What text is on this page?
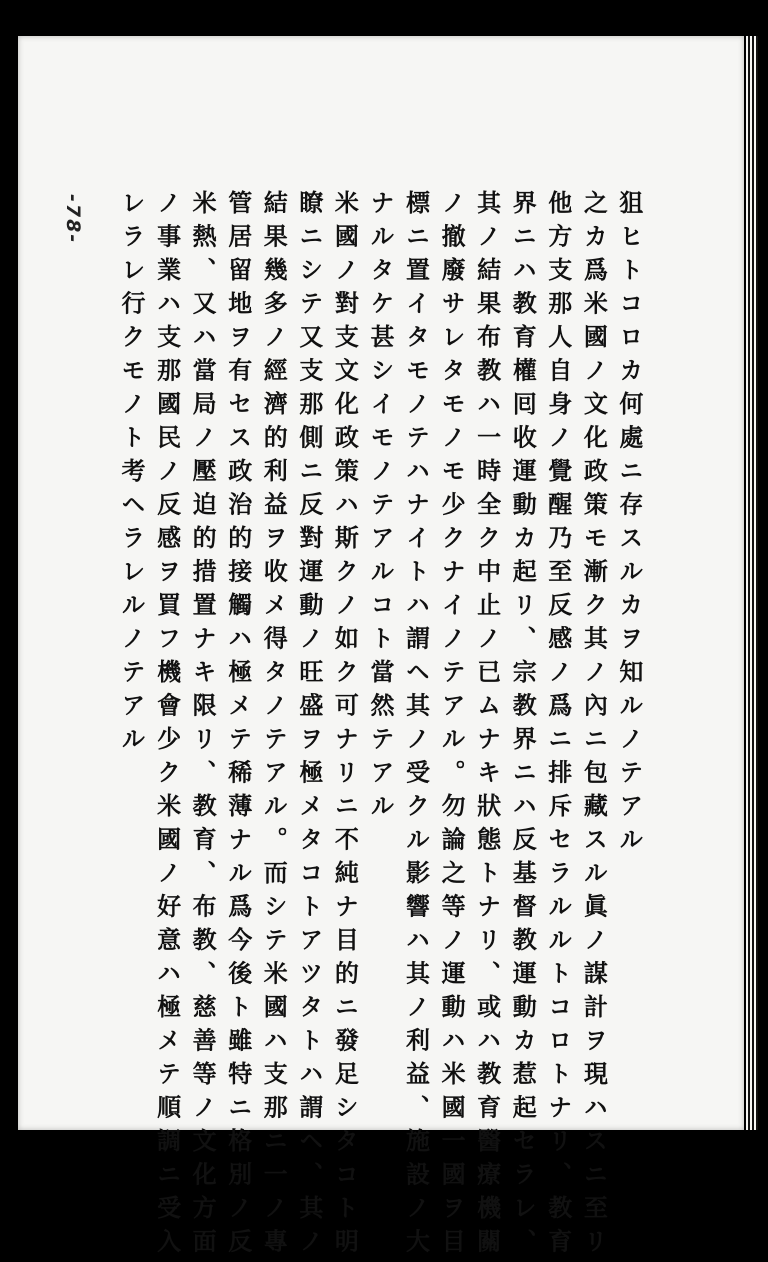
-78-	狙ヒトコロカ何處ニ存スルカヲ知ルノテアル
之カ爲米國ノ文化政策モ漸ク其ノ內ニ包藏スル眞ノ謀計ヲ現ハスニ至リ
他方支那人自身ノ覺醒乃至反感ノ爲ニ排斥セラルルトコロトナリ、教育
界ニハ教育權囘收運動カ起リ、宗教界ニハ反基督教運動カ惹起セラレ、
其ノ結果布教ハ一時全ク中止ノ已ムナキ狀態トナリ、或ハ教育醫療機關
ノ撤廢サレタモノモ少クナイノテアル。勿論之等ノ運動ハ米國一國ヲ目
標ニ置イタモノテハナイトハ謂ヘ其ノ受クル影響ハ其ノ利益、施設ノ大
ナルタケ甚シイモノテアルコト當然テアル
米國ノ對支文化政策ハ斯クノ如ク可ナリニ不純ナ目的ニ發足シタコト明
瞭ニシテ又支那側ニ反對運動ノ旺盛ヲ極メタコトアツタトハ謂ヘ、其ノ
結果幾多ノ經濟的利益ヲ收メ得タノテアル。而シテ米國ハ支那ニ一ノ專
管居留地ヲ有セス政治的接觸ハ極メテ稀薄ナル爲今後ト雖特ニ格別ノ反
米熱、又ハ當局ノ壓迫的措置ナキ限リ、教育、布教、慈善等ノ文化方面
ノ事業ハ支那國民ノ反感ヲ買フ機會少ク米國ノ好意ハ極メテ順調ニ受入
レラレ行クモノト考ヘラレルノテアル
